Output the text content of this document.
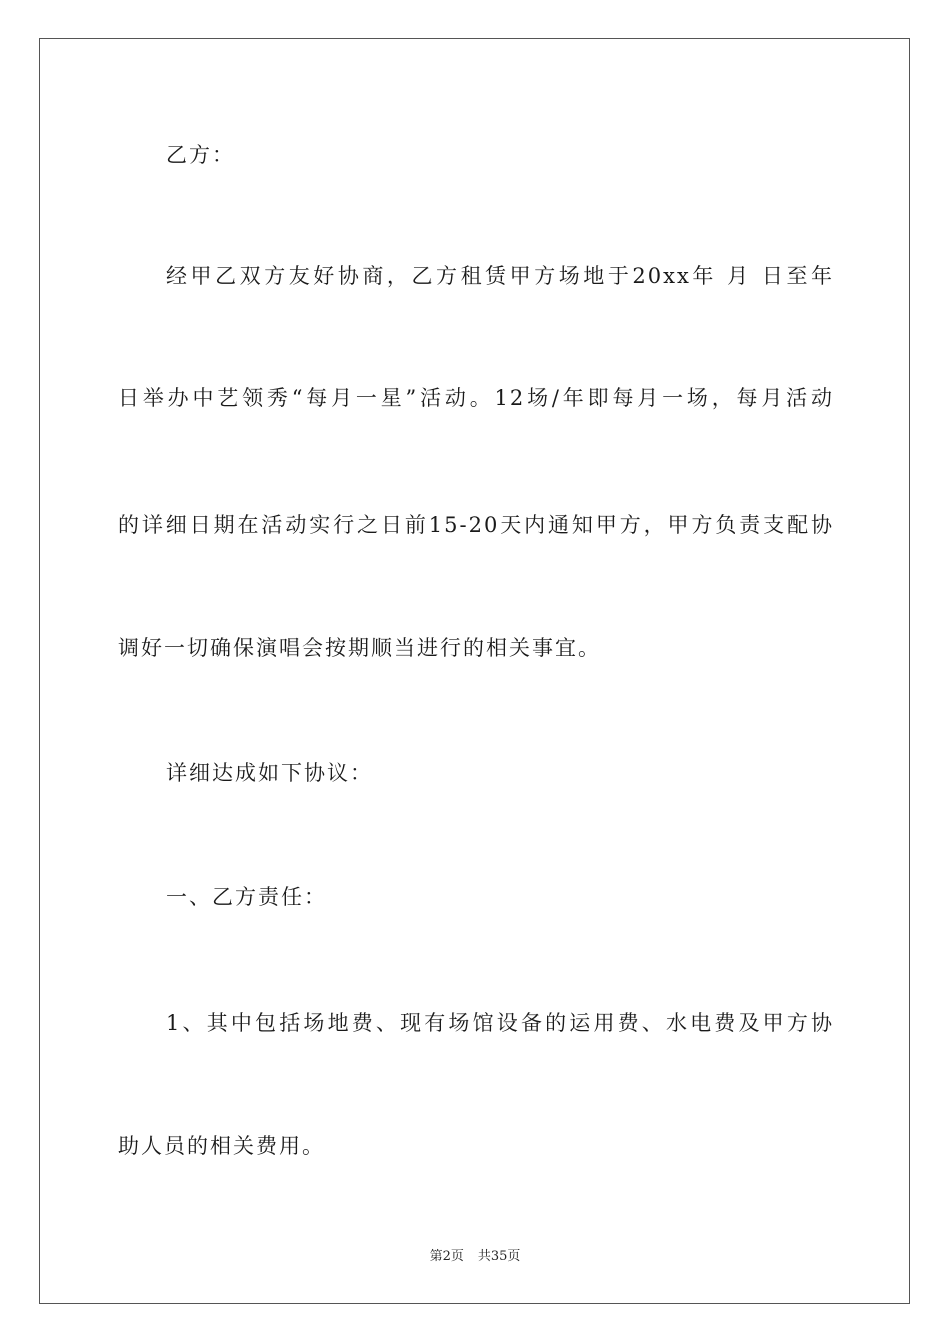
乙方：
经甲乙双方友好协商，乙方租赁甲方场地于20xx年 月 日至年
日举办中艺领秀“每月一星”活动。12场/年即每月一场，每月活动
的详细日期在活动实行之日前15-20天内通知甲方，甲方负责支配协
调好一切确保演唱会按期顺当进行的相关事宜。
详细达成如下协议：
一、乙方责任：
1、其中包括场地费、现有场馆设备的运用费、水电费及甲方协
助人员的相关费用。
第2页 共35页
